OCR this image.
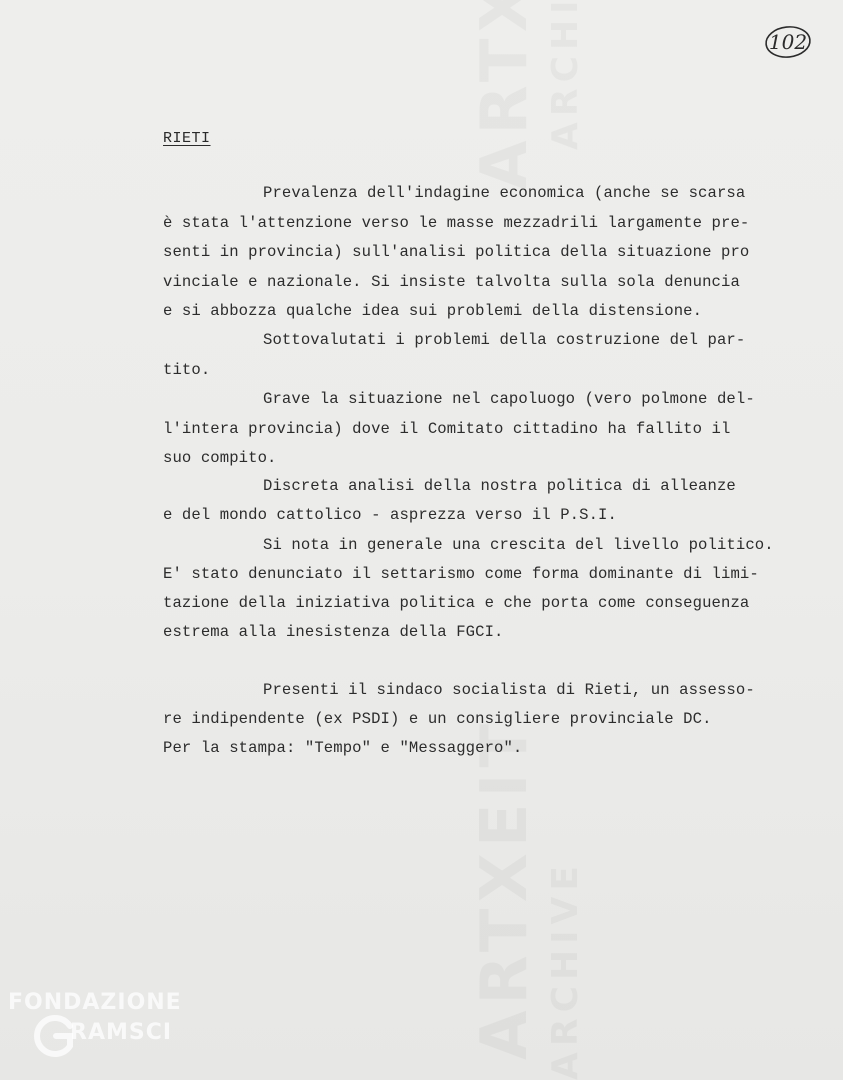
102
RIETI
Prevalenza dell'indagine economica (anche se scarsa
è stata l'attenzione verso le masse mezzadrili largamente pre-
senti in provincia) sull'analisi politica della situazione pro
vinciale e nazionale. Si insiste talvolta sulla sola denuncia
e si abbozza qualche idea sui problemi della distensione.
Sottovalutati i problemi della costruzione del par-
tito.
Grave la situazione nel capoluogo (vero polmone del-
l'intera provincia) dove il Comitato cittadino ha fallito il
suo compito.
Discreta analisi della nostra politica di alleanze
e del mondo cattolico - asprezza verso il P.S.I.
Si nota in generale una crescita del livello politico.
E' stato denunciato il settarismo come forma dominante di limi-
tazione della iniziativa politica e che porta come conseguenza
estrema alla inesistenza della FGCI.
Presenti il sindaco socialista di Rieti, un assesso-
re indipendente (ex PSDI) e un consigliere provinciale DC.
Per la stampa: "Tempo" e "Messaggero".
FONDAZIONE
RAMSCI
